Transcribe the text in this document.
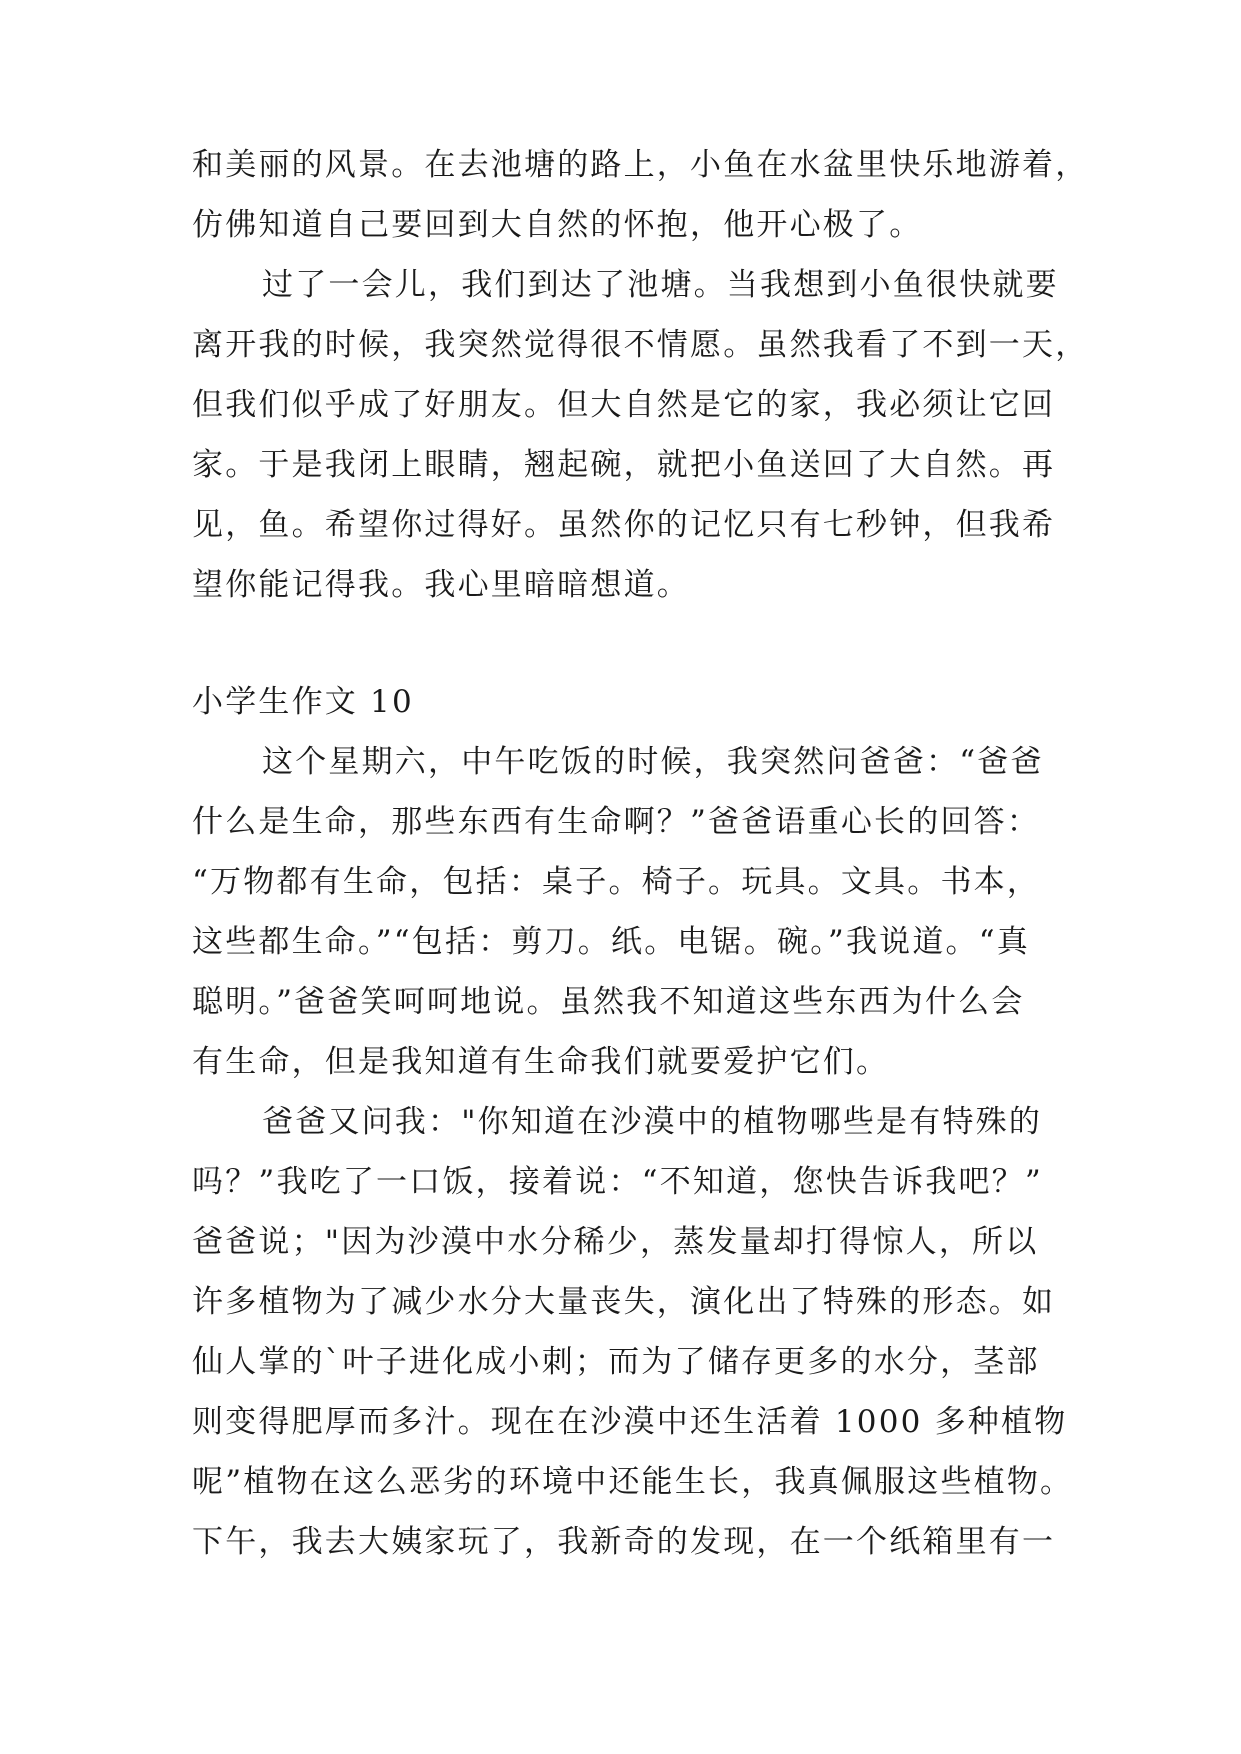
和美丽的风景。在去池塘的路上，小鱼在水盆里快乐地游着，
仿佛知道自己要回到大自然的怀抱，他开心极了。
过了一会儿，我们到达了池塘。当我想到小鱼很快就要
离开我的时候，我突然觉得很不情愿。虽然我看了不到一天，
但我们似乎成了好朋友。但大自然是它的家，我必须让它回
家。于是我闭上眼睛，翘起碗，就把小鱼送回了大自然。再
见，鱼。希望你过得好。虽然你的记忆只有七秒钟，但我希
望你能记得我。我心里暗暗想道。
小学生作文 10
这个星期六，中午吃饭的时候，我突然问爸爸：“爸爸
什么是生命，那些东西有生命啊？”爸爸语重心长的回答：
“万物都有生命，包括：桌子。椅子。玩具。文具。书本，
这些都生命。”“包括：剪刀。纸。电锯。碗。”我说道。“真
聪明。”爸爸笑呵呵地说。虽然我不知道这些东西为什么会
有生命，但是我知道有生命我们就要爱护它们。
爸爸又问我："你知道在沙漠中的植物哪些是有特殊的
吗？”我吃了一口饭，接着说：“不知道，您快告诉我吧？”
爸爸说；"因为沙漠中水分稀少，蒸发量却打得惊人，所以
许多植物为了减少水分大量丧失，演化出了特殊的形态。如
仙人掌的`叶子进化成小刺；而为了储存更多的水分，茎部
则变得肥厚而多汁。现在在沙漠中还生活着 1000 多种植物
呢”植物在这么恶劣的环境中还能生长，我真佩服这些植物。
下午，我去大姨家玩了，我新奇的发现，在一个纸箱里有一
